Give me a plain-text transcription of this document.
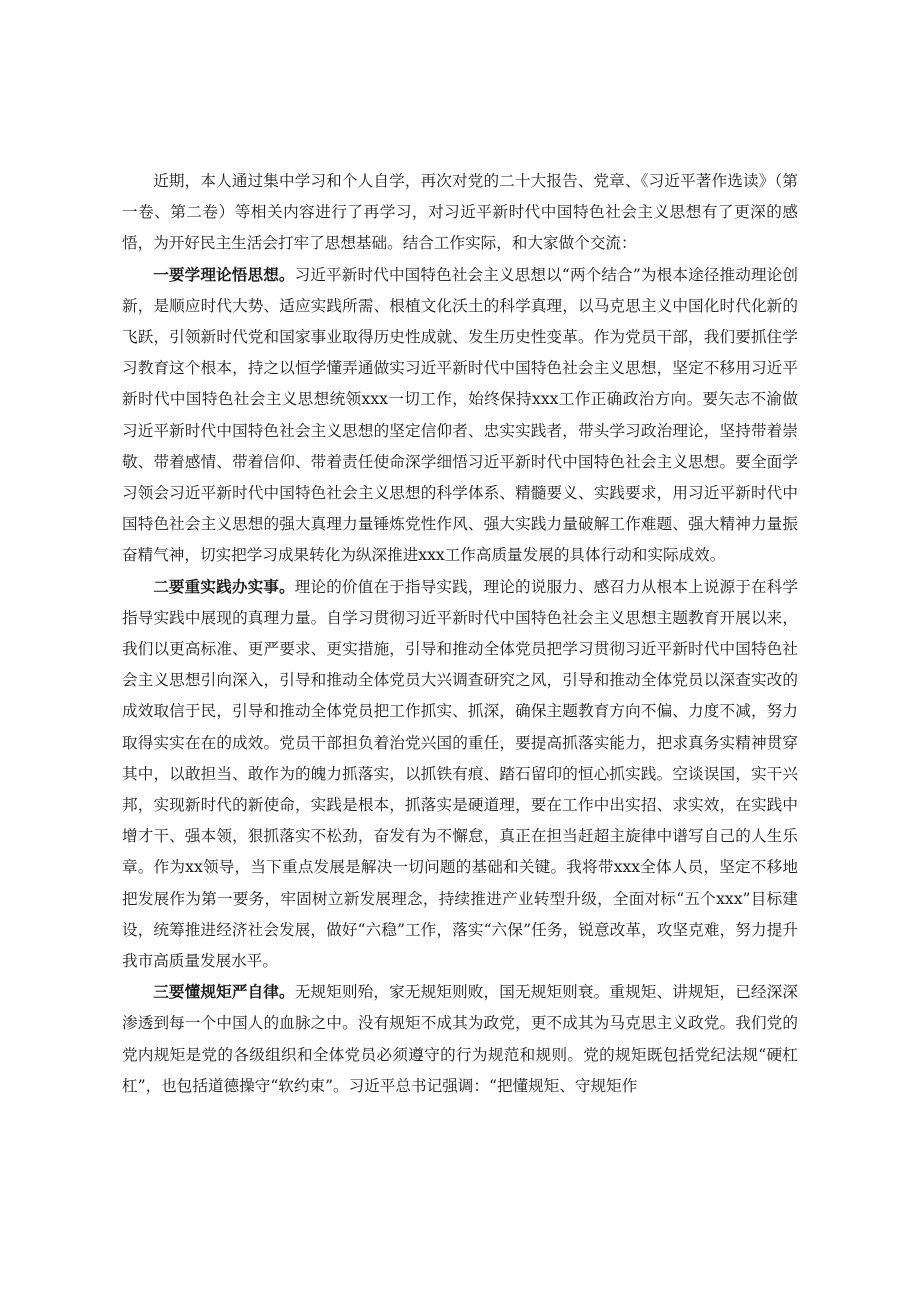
近期，本人通过集中学习和个人自学，再次对党的二十大报告、党章、《习近平著作选读》（第一卷、第二卷）等相关内容进行了再学习，对习近平新时代中国特色社会主义思想有了更深的感悟，为开好民主生活会打牢了思想基础。结合工作实际，和大家做个交流：

一要学理论悟思想。习近平新时代中国特色社会主义思想以“两个结合”为根本途径推动理论创新，是顺应时代大势、适应实践所需、根植文化沃土的科学真理，以马克思主义中国化时代化新的飞跃，引领新时代党和国家事业取得历史性成就、发生历史性变革。作为党员干部，我们要抓住学习教育这个根本，持之以恒学懂弄通做实习近平新时代中国特色社会主义思想，坚定不移用习近平新时代中国特色社会主义思想统领xxx一切工作，始终保持xxx工作正确政治方向。要矢志不渝做习近平新时代中国特色社会主义思想的坚定信仰者、忠实实践者，带头学习政治理论，坚持带着崇敬、带着感情、带着信仰、带着责任使命深学细悟习近平新时代中国特色社会主义思想。要全面学习领会习近平新时代中国特色社会主义思想的科学体系、精髓要义、实践要求，用习近平新时代中国特色社会主义思想的强大真理力量锤炼党性作风、强大实践力量破解工作难题、强大精神力量振奋精气神，切实把学习成果转化为纵深推进xxx工作高质量发展的具体行动和实际成效。

二要重实践办实事。理论的价值在于指导实践，理论的说服力、感召力从根本上说源于在科学指导实践中展现的真理力量。自学习贯彻习近平新时代中国特色社会主义思想主题教育开展以来，我们以更高标准、更严要求、更实措施，引导和推动全体党员把学习贯彻习近平新时代中国特色社会主义思想引向深入，引导和推动全体党员大兴调查研究之风，引导和推动全体党员以深查实改的成效取信于民，引导和推动全体党员把工作抓实、抓深，确保主题教育方向不偏、力度不减，努力取得实实在在的成效。党员干部担负着治党兴国的重任，要提高抓落实能力，把求真务实精神贯穿其中，以敢担当、敢作为的魄力抓落实，以抓铁有痕、踏石留印的恒心抓实践。空谈误国，实干兴邦，实现新时代的新使命，实践是根本，抓落实是硬道理，要在工作中出实招、求实效，在实践中增才干、强本领，狠抓落实不松劲，奋发有为不懈怠，真正在担当赶超主旋律中谱写自己的人生乐章。作为xx领导，当下重点发展是解决一切问题的基础和关键。我将带xxx全体人员，坚定不移地把发展作为第一要务，牢固树立新发展理念，持续推进产业转型升级，全面对标“五个xxx”目标建设，统筹推进经济社会发展，做好“六稳”工作，落实“六保”任务，锐意改革，攻坚克难，努力提升我市高质量发展水平。

三要懂规矩严自律。无规矩则殆，家无规矩则败，国无规矩则衰。重规矩、讲规矩，已经深深渗透到每一个中国人的血脉之中。没有规矩不成其为政党，更不成其为马克思主义政党。我们党的党内规矩是党的各级组织和全体党员必须遵守的行为规范和规则。党的规矩既包括党纪法规“硬杠杠”，也包括道德操守“软约束”。习近平总书记强调：“把懂规矩、守规矩作
